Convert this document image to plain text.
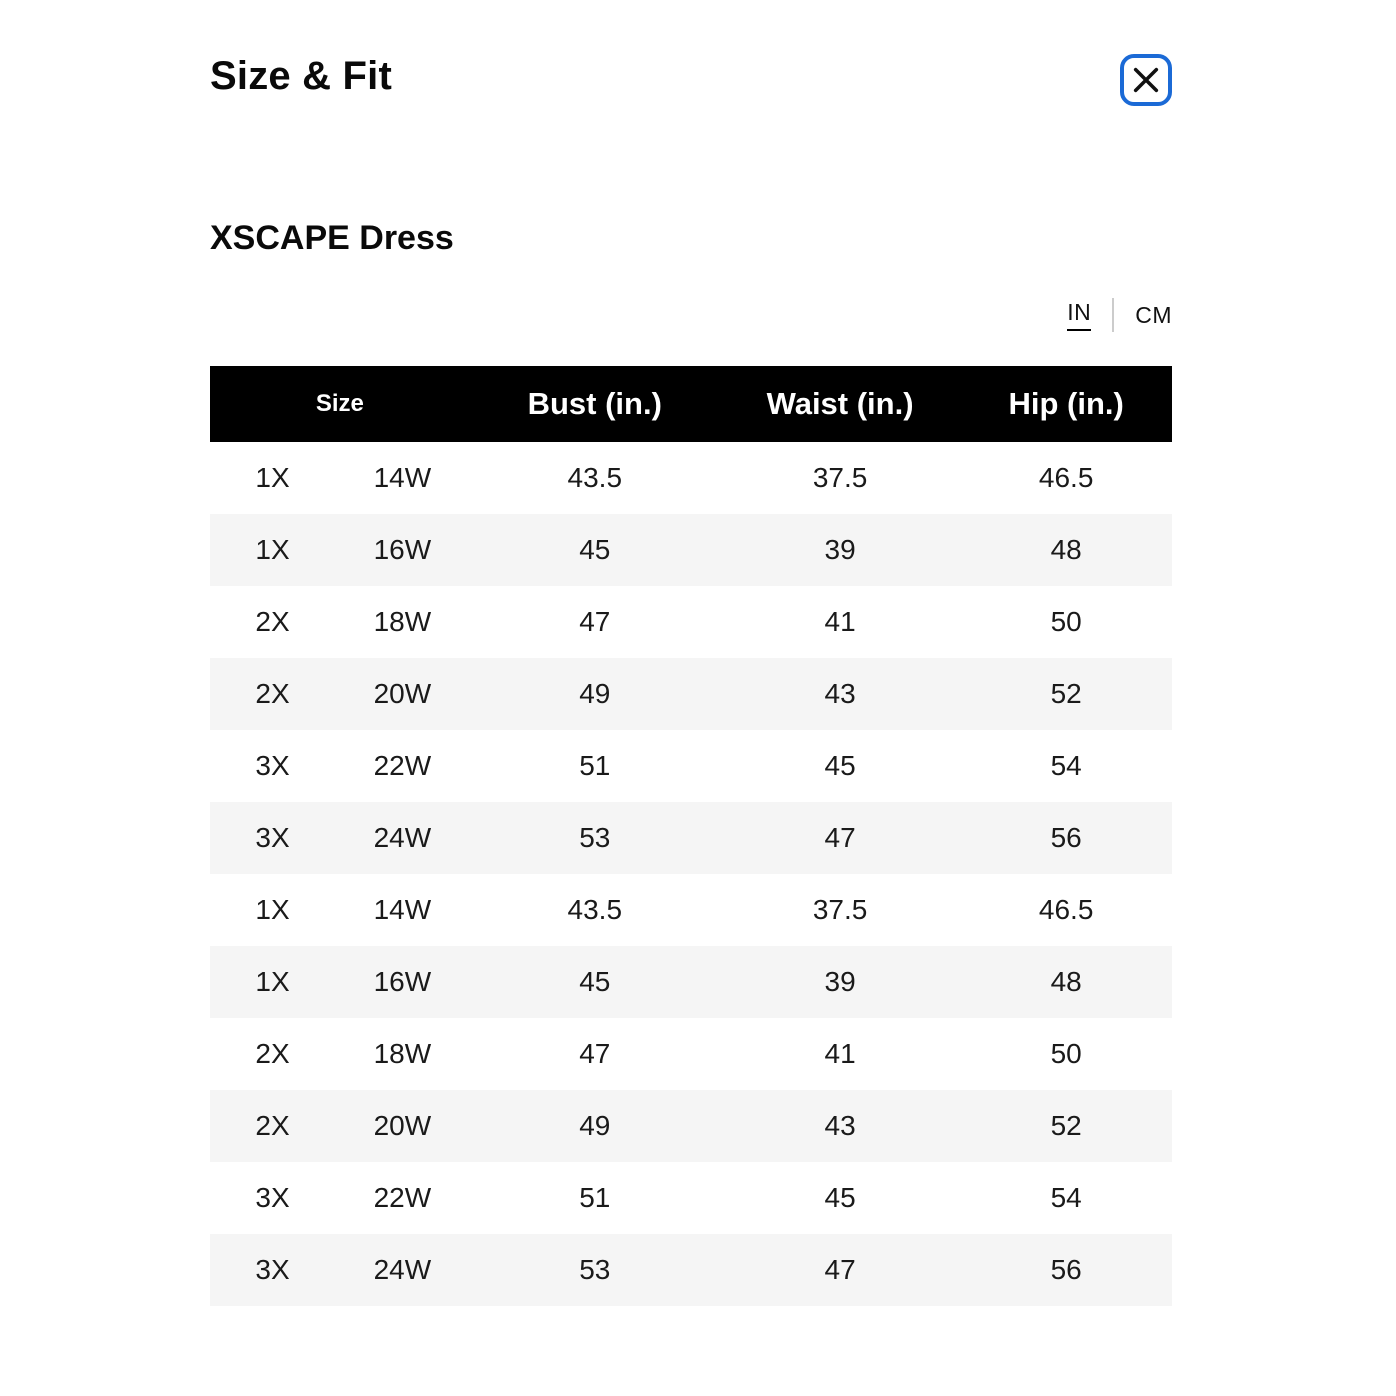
Size & Fit
XSCAPE Dress
IN CM
Size	Bust (in.)	Waist (in.)	Hip (in.)
1X	14W	43.5	37.5	46.5
1X	16W	45	39	48
2X	18W	47	41	50
2X	20W	49	43	52
3X	22W	51	45	54
3X	24W	53	47	56
1X	14W	43.5	37.5	46.5
1X	16W	45	39	48
2X	18W	47	41	50
2X	20W	49	43	52
3X	22W	51	45	54
3X	24W	53	47	56
